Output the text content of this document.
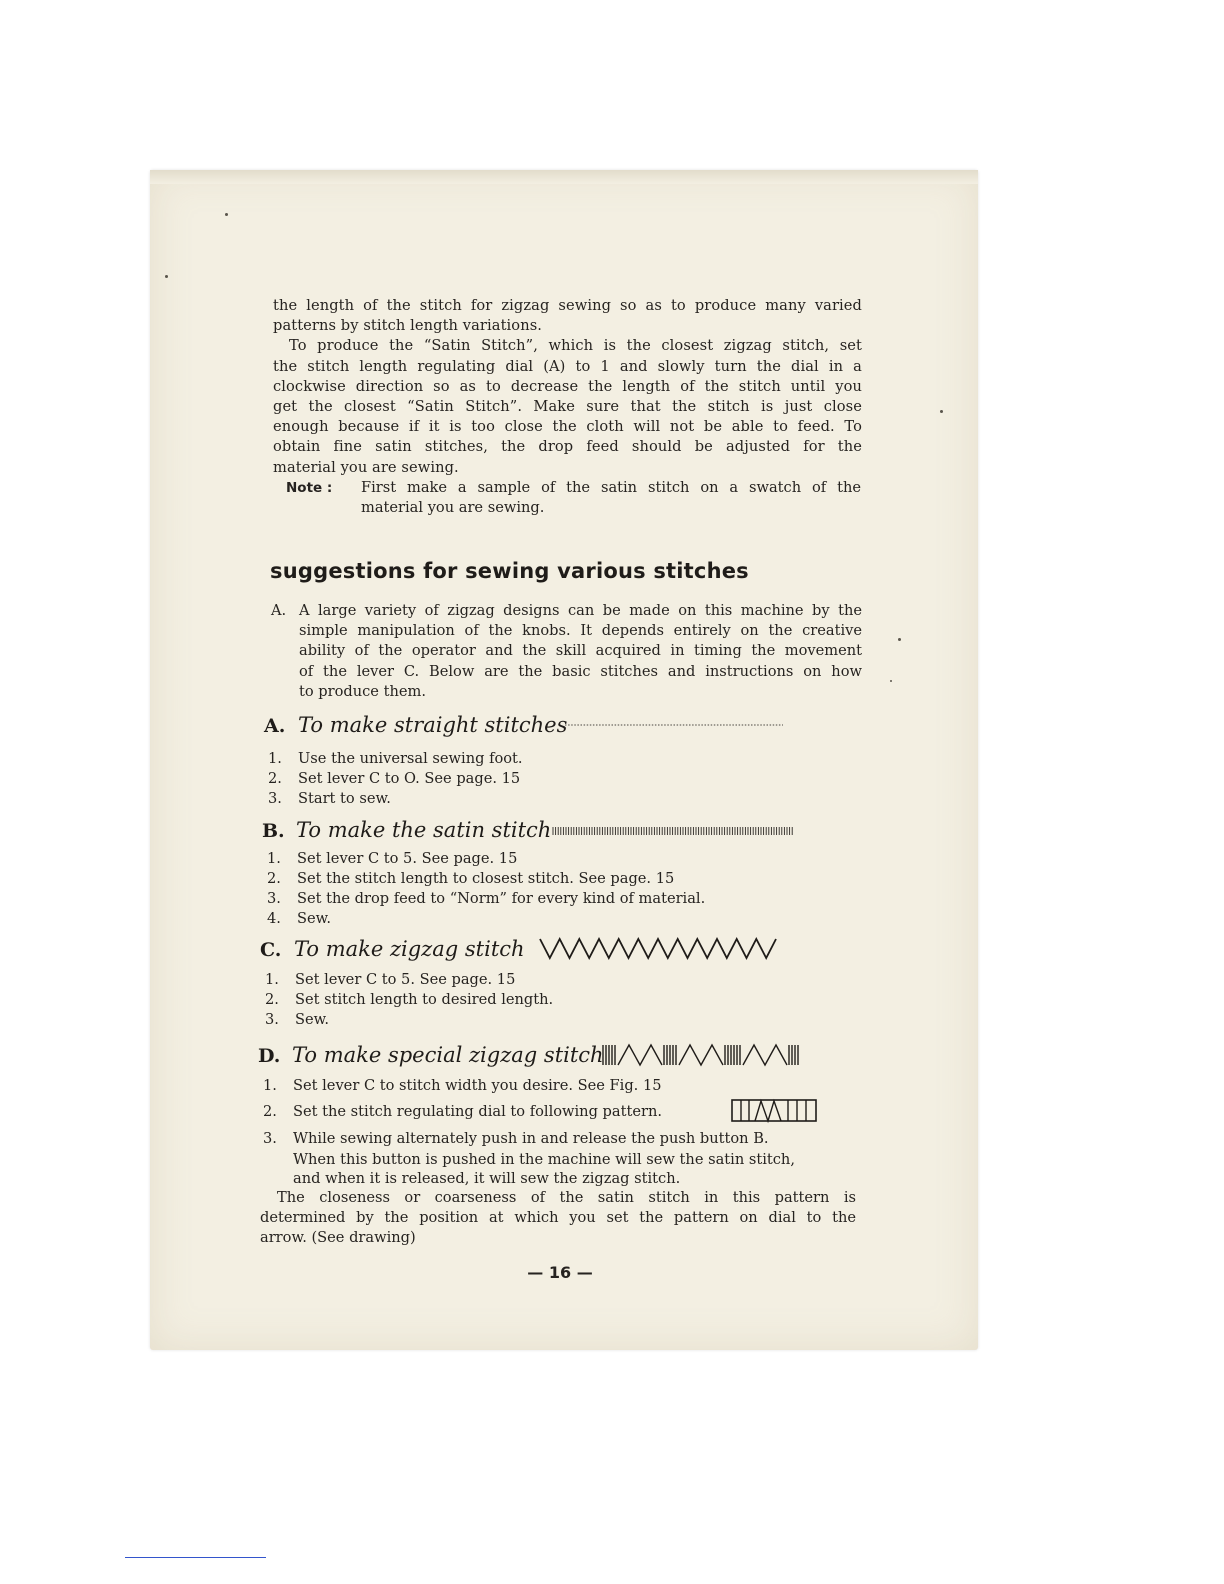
the length of the stitch for zigzag sewing so as to produce many varied
patterns by stitch length variations.
To produce the “Satin Stitch”, which is the closest zigzag stitch, set
the stitch length regulating dial (A) to 1 and slowly turn the dial in a
clockwise direction so as to decrease the length of the stitch until you
get the closest “Satin Stitch”. Make sure that the stitch is just close
enough because if it is too close the cloth will not be able to feed. To
obtain fine satin stitches, the drop feed should be adjusted for the
material you are sewing.
Note : First make a sample of the satin stitch on a swatch of the
material you are sewing.
suggestions for sewing various stitches
A. A large variety of zigzag designs can be made on this machine by the
simple manipulation of the knobs. It depends entirely on the creative
ability of the operator and the skill acquired in timing the movement
of the lever C. Below are the basic stitches and instructions on how
to produce them.
A. To make straight stitches
1. Use the universal sewing foot.
2. Set lever C to O. See page. 15
3. Start to sew.
B. To make the satin stitch
1. Set lever C to 5. See page. 15
2. Set the stitch length to closest stitch. See page. 15
3. Set the drop feed to “Norm” for every kind of material.
4. Sew.
C. To make zigzag stitch
1. Set lever C to 5. See page. 15
2. Set stitch length to desired length.
3. Sew.
D. To make special zigzag stitch
1. Set lever C to stitch width you desire. See Fig. 15
2. Set the stitch regulating dial to following pattern.
3. While sewing alternately push in and release the push button B.
When this button is pushed in the machine will sew the satin stitch,
and when it is released, it will sew the zigzag stitch.
The closeness or coarseness of the satin stitch in this pattern is
determined by the position at which you set the pattern on dial to the
arrow. (See drawing)
— 16 —
